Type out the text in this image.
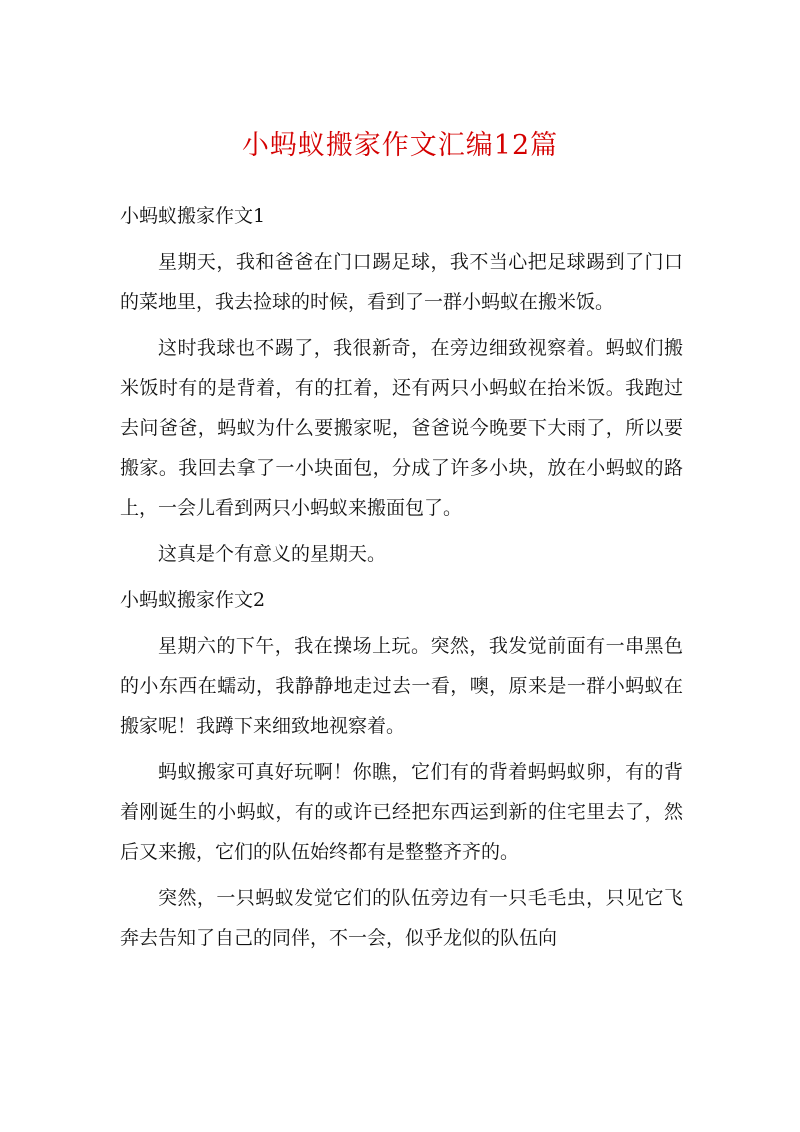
小蚂蚁搬家作文汇编12篇
小蚂蚁搬家作文1

星期天，我和爸爸在门口踢足球，我不当心把足球踢到了门口的菜地里，我去捡球的时候，看到了一群小蚂蚁在搬米饭。

这时我球也不踢了，我很新奇，在旁边细致视察着。蚂蚁们搬米饭时有的是背着，有的扛着，还有两只小蚂蚁在抬米饭。我跑过去问爸爸，蚂蚁为什么要搬家呢，爸爸说今晚要下大雨了，所以要搬家。我回去拿了一小块面包，分成了许多小块，放在小蚂蚁的路上，一会儿看到两只小蚂蚁来搬面包了。

这真是个有意义的星期天。

小蚂蚁搬家作文2

星期六的下午，我在操场上玩。突然，我发觉前面有一串黑色的小东西在蠕动，我静静地走过去一看，噢，原来是一群小蚂蚁在搬家呢！我蹲下来细致地视察着。

蚂蚁搬家可真好玩啊！你瞧，它们有的背着蚂蚂蚁卵，有的背着刚诞生的小蚂蚁，有的或许已经把东西运到新的住宅里去了，然后又来搬，它们的队伍始终都有是整整齐齐的。

突然，一只蚂蚁发觉它们的队伍旁边有一只毛毛虫，只见它飞奔去告知了自己的同伴，不一会，似乎龙似的队伍向
